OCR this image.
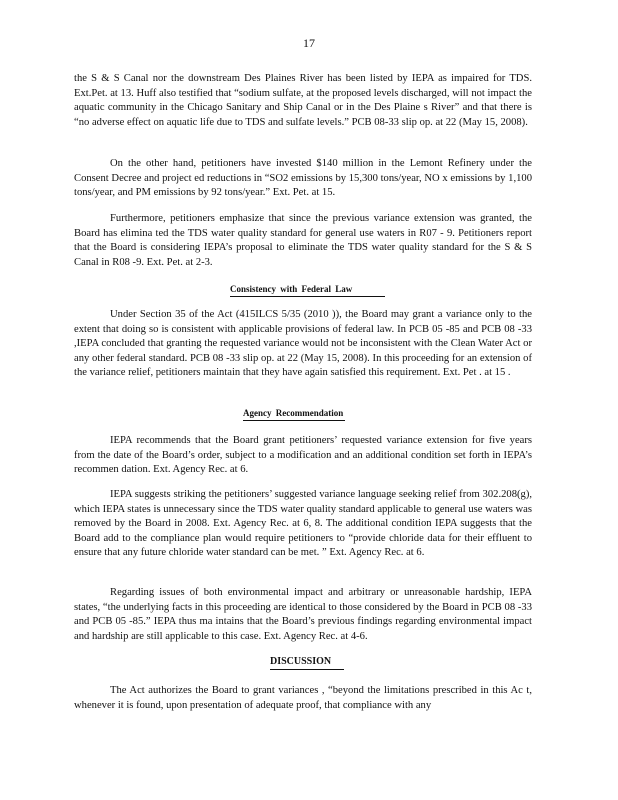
17

the S & S Canal nor the downstream Des Plaines River has been listed by IEPA as impaired for TDS. Ext.Pet. at 13. Huff also testified that “sodium sulfate, at the proposed levels discharged, will not impact the aquatic community in the Chicago Sanitary and Ship Canal or in the Des Plaine s River” and that there is “no adverse effect on aquatic life due to TDS and sulfate levels.” PCB 08-33 slip op. at 22 (May 15, 2008).

On the other hand, petitioners have invested $140 million in the Lemont Refinery under the Consent Decree and project ed reductions in “SO2 emissions by 15,300 tons/year, NO x emissions by 1,100 tons/year, and PM emissions by 92 tons/year.” Ext. Pet. at 15.

Furthermore, petitioners emphasize that since the previous variance extension was granted, the Board has elimina ted the TDS water quality standard for general use waters in R07 - 9. Petitioners report that the Board is considering IEPA’s proposal to eliminate the TDS water quality standard for the S & S Canal in R08 -9. Ext. Pet. at 2-3.

Consistency with Federal Law

Under Section 35 of the Act (415ILCS 5/35 (2010 )), the Board may grant a variance only to the extent that doing so is consistent with applicable provisions of federal law. In PCB 05 -85 and PCB 08 -33 ,IEPA concluded that granting the requested variance would not be inconsistent with the Clean Water Act or any other federal standard. PCB 08 -33 slip op. at 22 (May 15, 2008). In this proceeding for an extension of the variance relief, petitioners maintain that they have again satisfied this requirement. Ext. Pet . at 15 .

Agency Recommendation

IEPA recommends that the Board grant petitioners’ requested variance extension for five years from the date of the Board’s order, subject to a modification and an additional condition set forth in IEPA’s recommen dation. Ext. Agency Rec. at 6.

IEPA suggests striking the petitioners’ suggested variance language seeking relief from 302.208(g), which IEPA states is unnecessary since the TDS water quality standard applicable to general use waters was removed by the Board in 2008. Ext. Agency Rec. at 6, 8. The additional condition IEPA suggests that the Board add to the compliance plan would require petitioners to “provide chloride data for their effluent to ensure that any future chloride water standard can be met. ” Ext. Agency Rec. at 6.

Regarding issues of both environmental impact and arbitrary or unreasonable hardship, IEPA states, “the underlying facts in this proceeding are identical to those considered by the Board in PCB 08 -33 and PCB 05 -85.” IEPA thus ma intains that the Board’s previous findings regarding environmental impact and hardship are still applicable to this case. Ext. Agency Rec. at 4-6.

DISCUSSION

The Act authorizes the Board to grant variances , “beyond the limitations prescribed in this Ac t, whenever it is found, upon presentation of adequate proof, that compliance with any
